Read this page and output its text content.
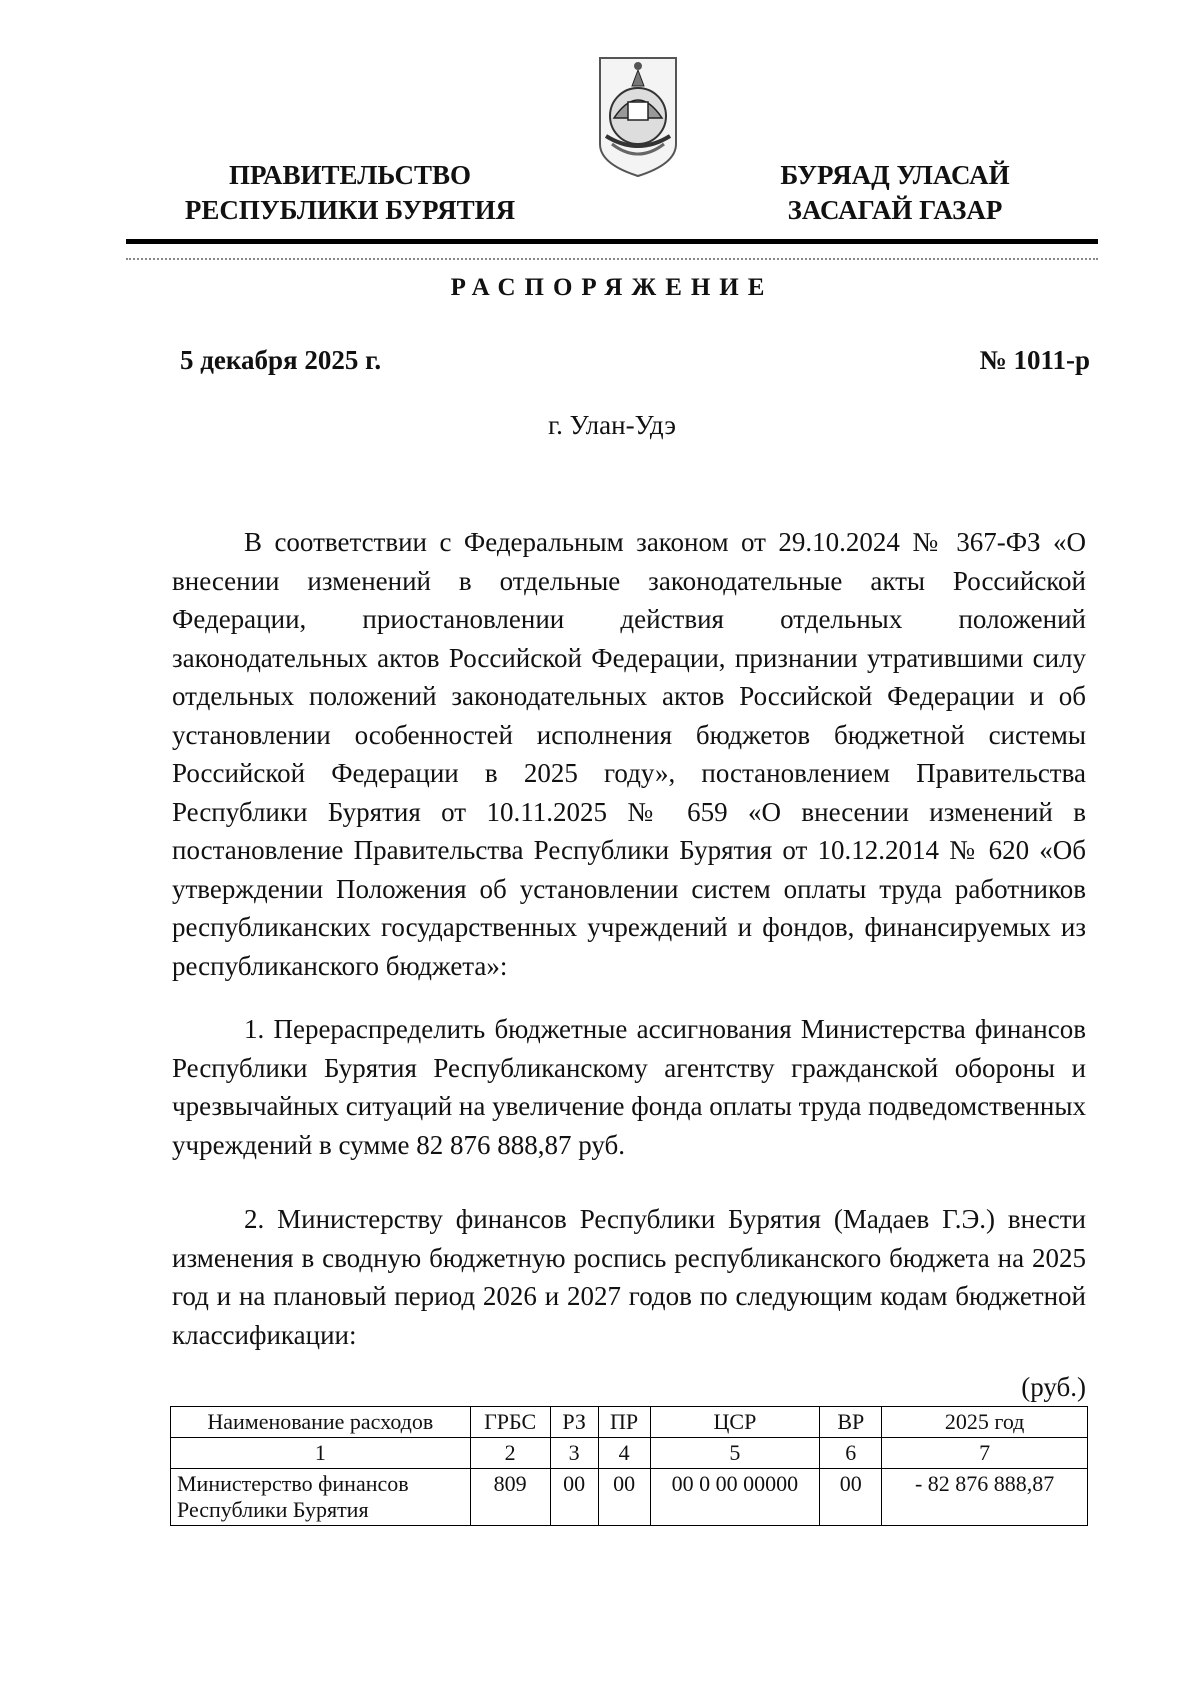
ПРАВИТЕЛЬСТВО
РЕСПУБЛИКИ БУРЯТИЯ
БУРЯАД УЛАСАЙ
ЗАСАГАЙ ГАЗАР
РАСПОРЯЖЕНИЕ
5 декабря 2025 г.	№ 1011-р
г. Улан-Удэ

В соответствии с Федеральным законом от 29.10.2024 № 367-ФЗ «О внесении изменений в отдельные законодательные акты Российской Федерации, приостановлении действия отдельных положений законодательных актов Российской Федерации, признании утратившими силу отдельных положений законодательных актов Российской Федерации и об установлении особенностей исполнения бюджетов бюджетной системы Российской Федерации в 2025 году», постановлением Правительства Республики Бурятия от 10.11.2025 № 659 «О внесении изменений в постановление Правительства Республики Бурятия от 10.12.2014 № 620 «Об утверждении Положения об установлении систем оплаты труда работников республиканских государственных учреждений и фондов, финансируемых из республиканского бюджета»:

1. Перераспределить бюджетные ассигнования Министерства финансов Республики Бурятия Республиканскому агентству гражданской обороны и чрезвычайных ситуаций на увеличение фонда оплаты труда подведомственных учреждений в сумме 82 876 888,87 руб.

2. Министерству финансов Республики Бурятия (Мадаев Г.Э.) внести изменения в сводную бюджетную роспись республиканского бюджета на 2025 год и на плановый период 2026 и 2027 годов по следующим кодам бюджетной классификации:

(руб.)
Наименование расходов	ГРБС	РЗ	ПР	ЦСР	ВР	2025 год
1	2	3	4	5	6	7
Министерство финансов Республики Бурятия	809	00	00	00 0 00 00000	00	- 82 876 888,87
